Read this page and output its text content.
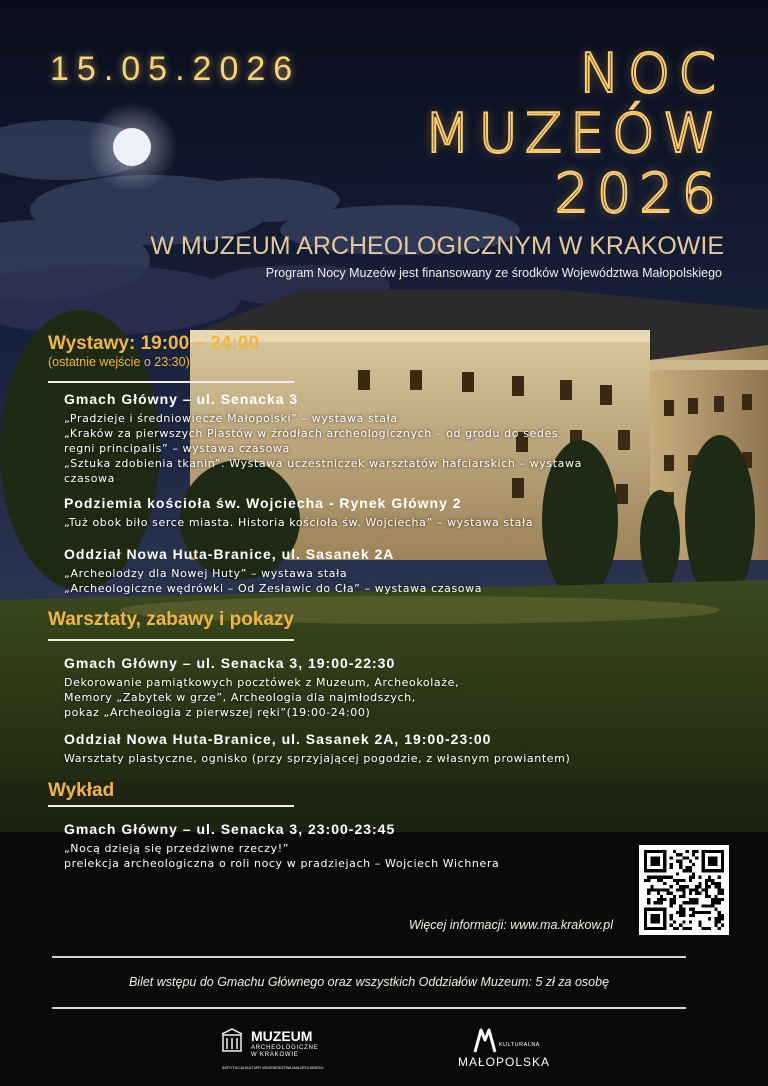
15.05.2026	NOC
MUZEÓW
2026
W MUZEUM ARCHEOLOGICZNYM W KRAKOWIE
Program Nocy Muzeów jest finansowany ze środków Województwa Małopolskiego
Wystawy: 19:00 – 24:00
(ostatnie wejście o 23:30)
Gmach Główny – ul. Senacka 3
„Pradzieje i średniowiecze Małopolski” – wystawa stała
„Kraków za pierwszych Piastów w źródłach archeologicznych – od grodu do sedes
regni principalis” – wystawa czasowa
„Sztuka zdobienia tkanin”. Wystawa uczestniczek warsztatów hafciarskich – wystawa
czasowa
Podziemia kościoła św. Wojciecha - Rynek Główny 2
„Tuż obok biło serce miasta. Historia kościoła św. Wojciecha” – wystawa stała
Oddział Nowa Huta-Branice, ul. Sasanek 2A
„Archeolodzy dla Nowej Huty” – wystawa stała
„Archeologiczne wędrówki – Od Zesławic do Cła” – wystawa czasowa
Warsztaty, zabawy i pokazy
Gmach Główny – ul. Senacka 3, 19:00-22:30
Dekorowanie pamiątkowych pocztówek z Muzeum, Archeokolaże,
Memory „Zabytek w grze”, Archeologia dla najmłodszych,
pokaz „Archeologia z pierwszej ręki”(19:00-24:00)
Oddział Nowa Huta-Branice, ul. Sasanek 2A, 19:00-23:00
Warsztaty plastyczne, ognisko (przy sprzyjającej pogodzie, z własnym prowiantem)
Wykład
Gmach Główny – ul. Senacka 3, 23:00-23:45
„Nocą dzieją się przedziwne rzeczy!”
prelekcja archeologiczna o roli nocy w pradziejach – Wojciech Wichnera
Więcej informacji: www.ma.krakow.pl
Bilet wstępu do Gmachu Głównego oraz wszystkich Oddziałów Muzeum: 5 zł za osobę
MUZEUM
ARCHEOLOGICZNE
W KRAKOWIE
INSTYTUCJA KULTURY WOJEWÓDZTWA MAŁOPOLSKIEGO
KULTURALNA
MAŁOPOLSKA
